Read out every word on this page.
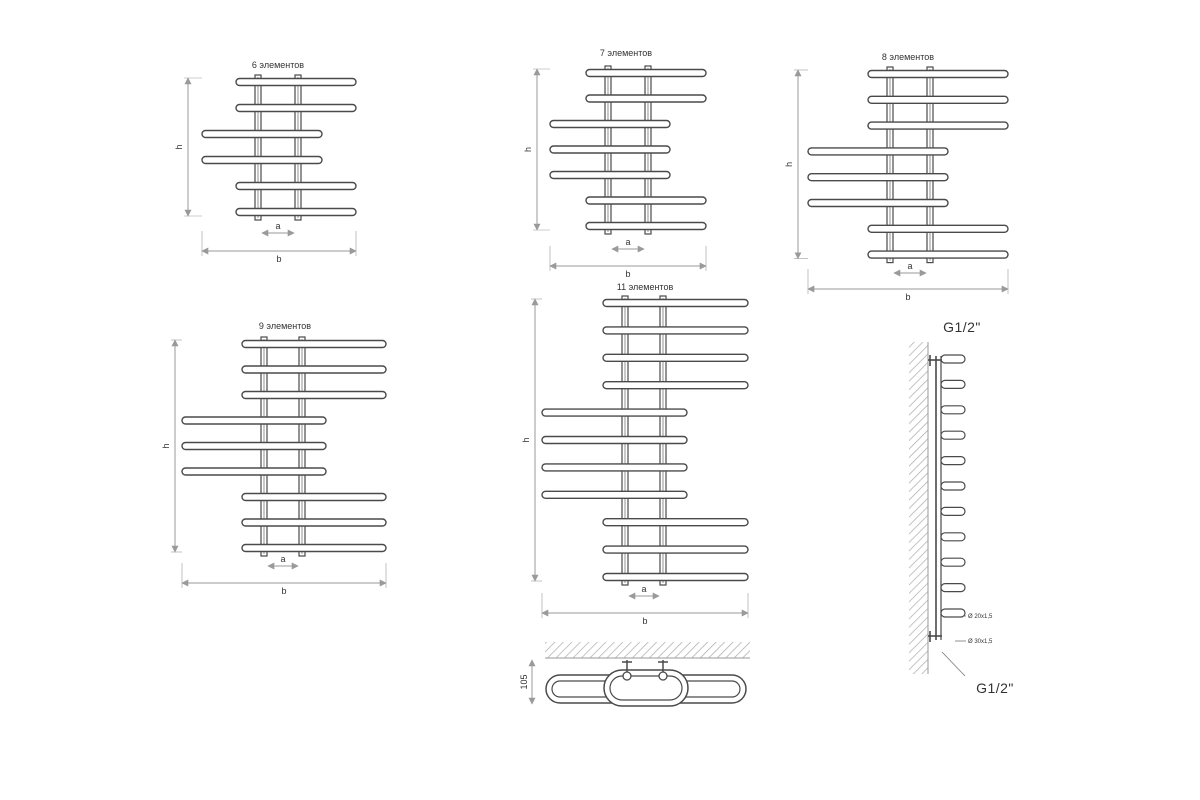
6 элементов
h
a
b
7 элементов
h
a
b
8 элементов
h
a
b
9 элементов
h
a
b
11 элементов
h
a
b
105
G1/2"
G1/2"
Ø 20x1,5
Ø 30x1,5
